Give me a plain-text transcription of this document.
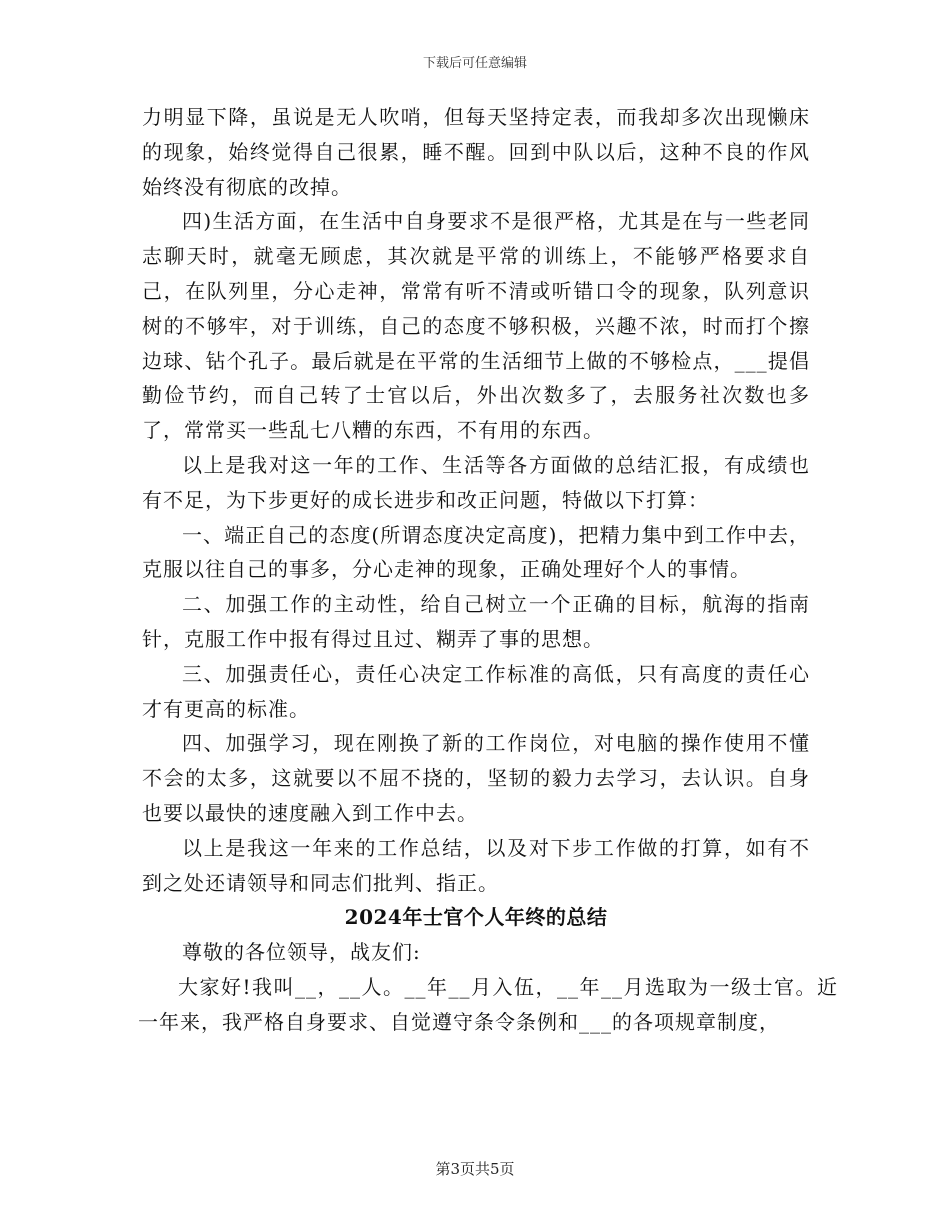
下载后可任意编辑

力明显下降，虽说是无人吹哨，但每天坚持定表，而我却多次出现懒床的现象，始终觉得自己很累，睡不醒。回到中队以后，这种不良的作风始终没有彻底的改掉。

四)生活方面，在生活中自身要求不是很严格，尤其是在与一些老同志聊天时，就毫无顾虑，其次就是平常的训练上，不能够严格要求自己，在队列里，分心走神，常常有听不清或听错口令的现象，队列意识树的不够牢，对于训练，自己的态度不够积极，兴趣不浓，时而打个擦边球、钻个孔子。最后就是在平常的生活细节上做的不够检点，___提倡勤俭节约，而自己转了士官以后，外出次数多了，去服务社次数也多了，常常买一些乱七八糟的东西，不有用的东西。

以上是我对这一年的工作、生活等各方面做的总结汇报，有成绩也有不足，为下步更好的成长进步和改正问题，特做以下打算：

一、端正自己的态度(所谓态度决定高度)，把精力集中到工作中去，克服以往自己的事多，分心走神的现象，正确处理好个人的事情。

二、加强工作的主动性，给自己树立一个正确的目标，航海的指南针，克服工作中报有得过且过、糊弄了事的思想。

三、加强责任心，责任心决定工作标准的高低，只有高度的责任心才有更高的标准。

四、加强学习，现在刚换了新的工作岗位，对电脑的操作使用不懂不会的太多，这就要以不屈不挠的，坚韧的毅力去学习，去认识。自身也要以最快的速度融入到工作中去。

以上是我这一年来的工作总结，以及对下步工作做的打算，如有不到之处还请领导和同志们批判、指正。

2024年士官个人年终的总结

尊敬的各位领导，战友们:

大家好!我叫__，__人。__年__月入伍，__年__月选取为一级士官。近一年来，我严格自身要求、自觉遵守条令条例和___的各项规章制度，

第3页共5页
